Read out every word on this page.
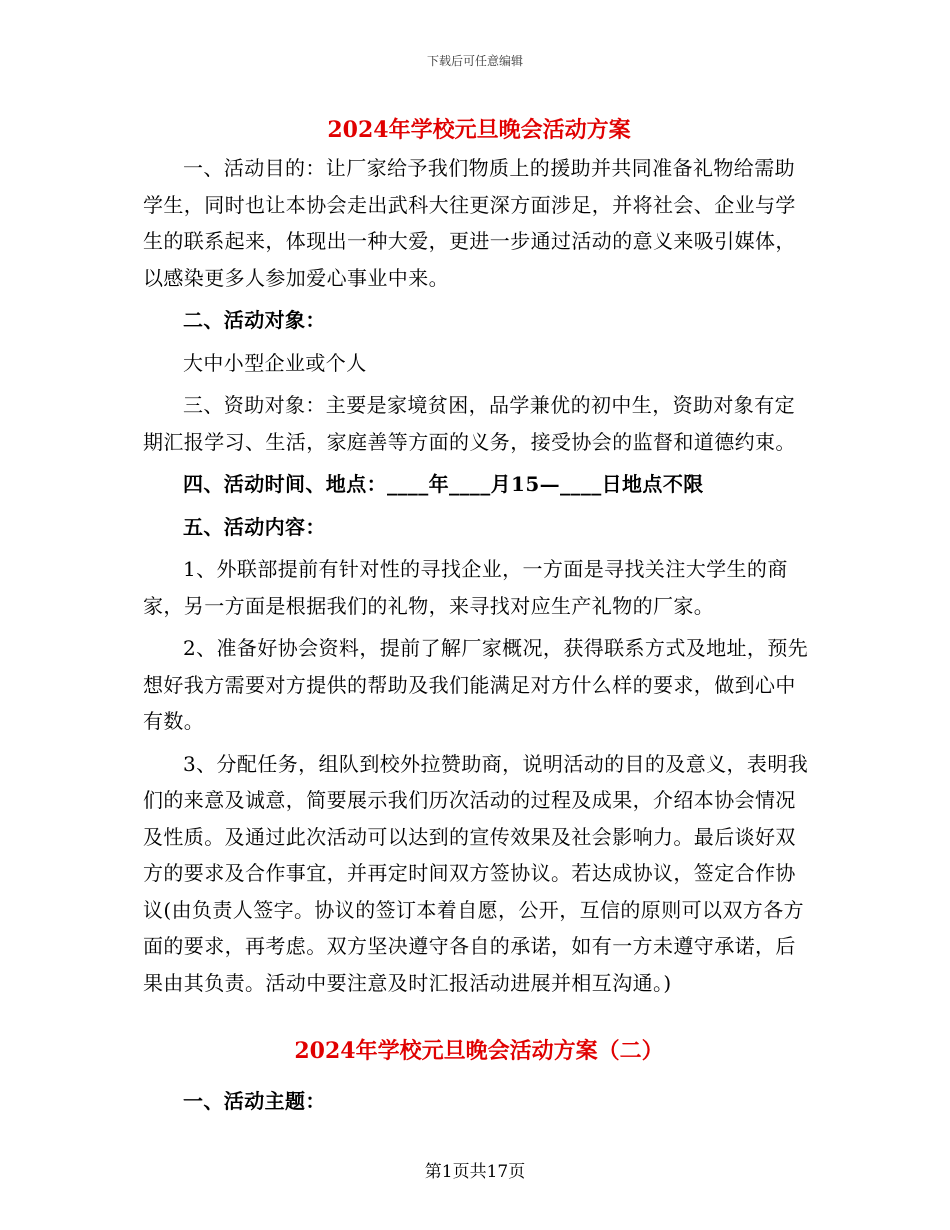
下载后可任意编辑
2024年学校元旦晚会活动方案

一、活动目的：让厂家给予我们物质上的援助并共同准备礼物给需助学生，同时也让本协会走出武科大往更深方面涉足，并将社会、企业与学生的联系起来，体现出一种大爱，更进一步通过活动的意义来吸引媒体，以感染更多人参加爱心事业中来。

二、活动对象：

大中小型企业或个人

三、资助对象：主要是家境贫困，品学兼优的初中生，资助对象有定期汇报学习、生活，家庭善等方面的义务，接受协会的监督和道德约束。

四、活动时间、地点：____年____月15—____日地点不限

五、活动内容：

1、外联部提前有针对性的寻找企业，一方面是寻找关注大学生的商家，另一方面是根据我们的礼物，来寻找对应生产礼物的厂家。

2、准备好协会资料，提前了解厂家概况，获得联系方式及地址，预先想好我方需要对方提供的帮助及我们能满足对方什么样的要求，做到心中有数。

3、分配任务，组队到校外拉赞助商，说明活动的目的及意义，表明我们的来意及诚意，简要展示我们历次活动的过程及成果，介绍本协会情况及性质。及通过此次活动可以达到的宣传效果及社会影响力。最后谈好双方的要求及合作事宜，并再定时间双方签协议。若达成协议，签定合作协议(由负责人签字。协议的签订本着自愿，公开，互信的原则可以双方各方面的要求，再考虑。双方坚决遵守各自的承诺，如有一方未遵守承诺，后果由其负责。活动中要注意及时汇报活动进展并相互沟通。)

2024年学校元旦晚会活动方案（二）

一、活动主题：

第1页共17页
